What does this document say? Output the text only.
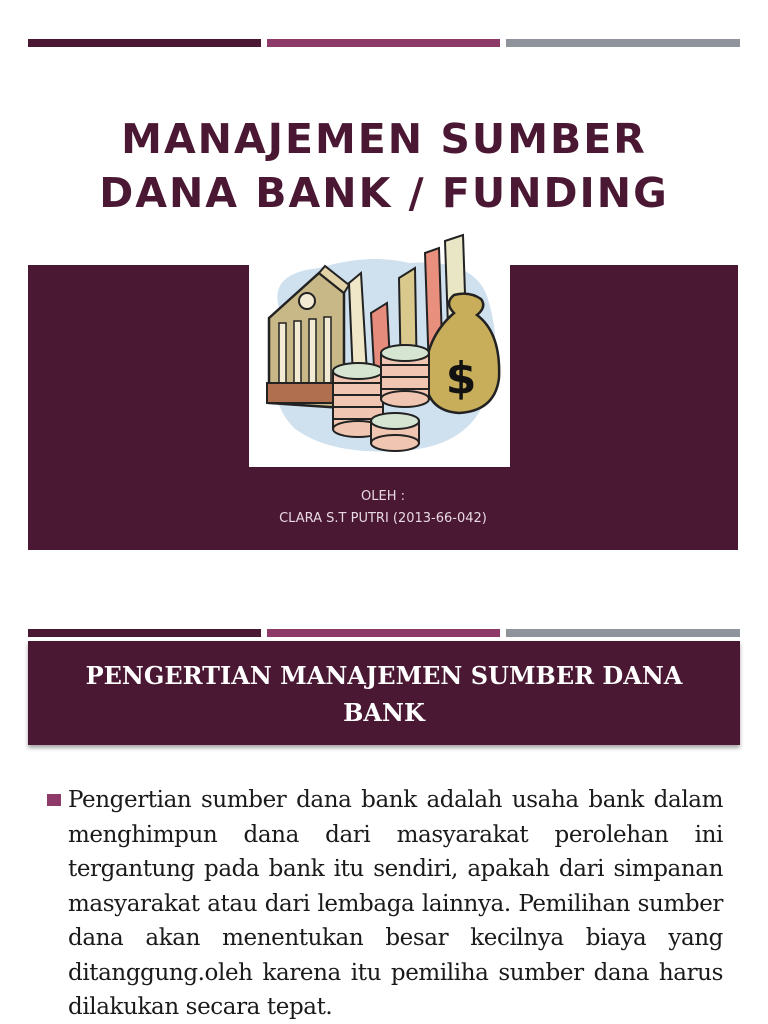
MANAJEMEN SUMBER
DANA BANK / FUNDING
$
OLEH :
CLARA S.T PUTRI (2013-66-042)
PENGERTIAN MANAJEMEN SUMBER DANA
BANK

Pengertian sumber dana bank adalah usaha bank dalam menghimpun dana dari masyarakat perolehan ini tergantung pada bank itu sendiri, apakah dari simpanan masyarakat atau dari lembaga lainnya. Pemilihan sumber dana akan menentukan besar kecilnya biaya yang ditanggung.oleh karena itu pemiliha sumber dana harus dilakukan secara tepat.
